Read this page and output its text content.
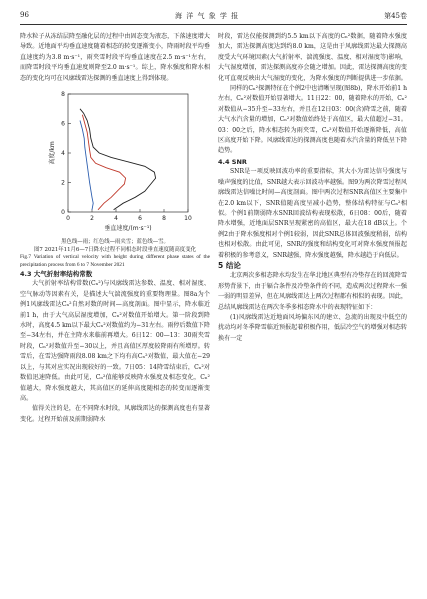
96	海 洋 气 象 学 报	第45卷

降水粒子从冻结层降至融化层的过程中由固态变为液态，下落速度增大导致。近地面平均垂直速度随着相态的转变逐渐变小，降雨时段平均垂直速度约为3.8 m·s⁻¹，雨夹雪时段平均垂直速度在2.5 m·s⁻¹左右，而降雪时段平均垂直速度则降至2.0 m·s⁻¹。综上，降水强度和降水相态的变化均可在风廓线雷达探测的垂直速度上得到体现。

0	2	4	6	8	10
0
2
4
6
8
垂直速度/(m·s⁻¹)
高度/km

黑色线—雨；红色线—雨夹雪；蓝色线—雪。

图7 2021年11月6—7日降水过程不同相态时段垂直速度随高度变化

Fig.7 Variation of vertical velocity with height during different phase states of the precipitation process from 6 to 7 November 2021

4.3 大气折射率结构常数

大气折射率结构常数(Cₙ²)与风廓线雷达参数、温度、相对湿度、空气脉动等因素有关，是描述大气湍流强度的重要物理量。图8a为个例1风廓线雷达Cₙ²自然对数的时间—高度剖面。图中显示，降水临近前1 h，由于大气高层湿度增加，Cₙ²对数值开始增大。第一阶段到降水时，高度4.5 km以下最大Cₙ²对数值约为−31左右。雨停后数值下降至−34左右，并在主降水来临前再增大。6日12：00—13：30雨夹雪时段，Cₙ²对数值升至−30以上，并且高值区厚度较降雨有所增厚。转雪后，在雪达强降雨段8.08 km之下均有高Cₙ²对数值，最大值在−29以上，与其对应实况出现较好的一致。7日05：14降雪结束后，Cₙ²对数值迅速降低。由此可见，Cₙ²值能够反映降水强度及相态变化，Cₙ²值越大，降水强度越大，其高值区的延伸高度随相态的转变而逐渐变高。

值得关注的是，在不同降水时段，风廓线雷达的探测高度也有显著变化。过程开始前及前期弱降水

时段，雷达仅能探测到约5.5 km以下高度的Cₙ²数据，随着降水强度加大，雷达探测高度达到约8.0 km，这是由于风廓线雷达最大探测高度受大气环境因素(大气折射率、湍流强度、温度、相对湿度等)影响，大气湿度增加，雷达探测高度亦会随之增加。因此，雷达探测高度的变化可直观反映出大气湿度的变化，为降水强度的判断提供进一步依据。

同样的Cₙ²探测特征在个例2中也清晰呈现(图8b)，降水开始前1 h左右，Cₙ²对数值开始显著增大。11日22：00，随着降水的开始，Cₙ²对数值从−35升至−33左右，并且在12日03：00(含)降雪之前，随着大气水汽含量的增加，Cₙ²对数值始终处于高值区，最大值超过−31。03：00之后，降水相态转为雨夹雪，Cₙ²对数值开始逐渐降低，高值区高度开始下降。风廓线雷达的探测高度也随着水汽含量的降低呈下降趋势。

4.4 SNR

SNR是一项反映回波功率的重要指标，其大小为雷达信号强度与噪声强度的比值，SNR越大表示回波功率越强。图9为两次降雪过程风廓线雷达信噪比时间—高度剖面。图中两次过程SNR高值区主要集中在2.0 km以下，SNR值随高度呈减小趋势，整体结构特征与Cₙ²相似。个例1前期弱降水SNR回波结构表现松散，6日08：00后，随着降水增强，近地面层SNR呈现紧密的高值区，最大在18 dB以上。个例2由于降水强度相对个例1较弱，因此SNR总体回波强度稍弱，结构也相对松散。由此可见，SNR的强度和结构变化可对降水强度预报起着积极的参考意义，SNR越强，降水强度越强，降水越趋于向低层。

5 结论

北京两次多相态降水均发生在华北地区典型有冷垫存在的回流降雪形势背景下，由于辐合条件及冷垫条件的不同，造成两次过程降水一强一弱的明显差异，但在风廓线雷达上两次过程都有相似的表现。因此，总结风廓线雷达在两次冬季多相态降水中的表现特征如下：

(1)风廓线雷达近地面风场偏东风的建立、急流的出现及中低空的扰动均对冬季降雪临近预报起着积极作用，低层冷空气的增强对相态转换有一定
